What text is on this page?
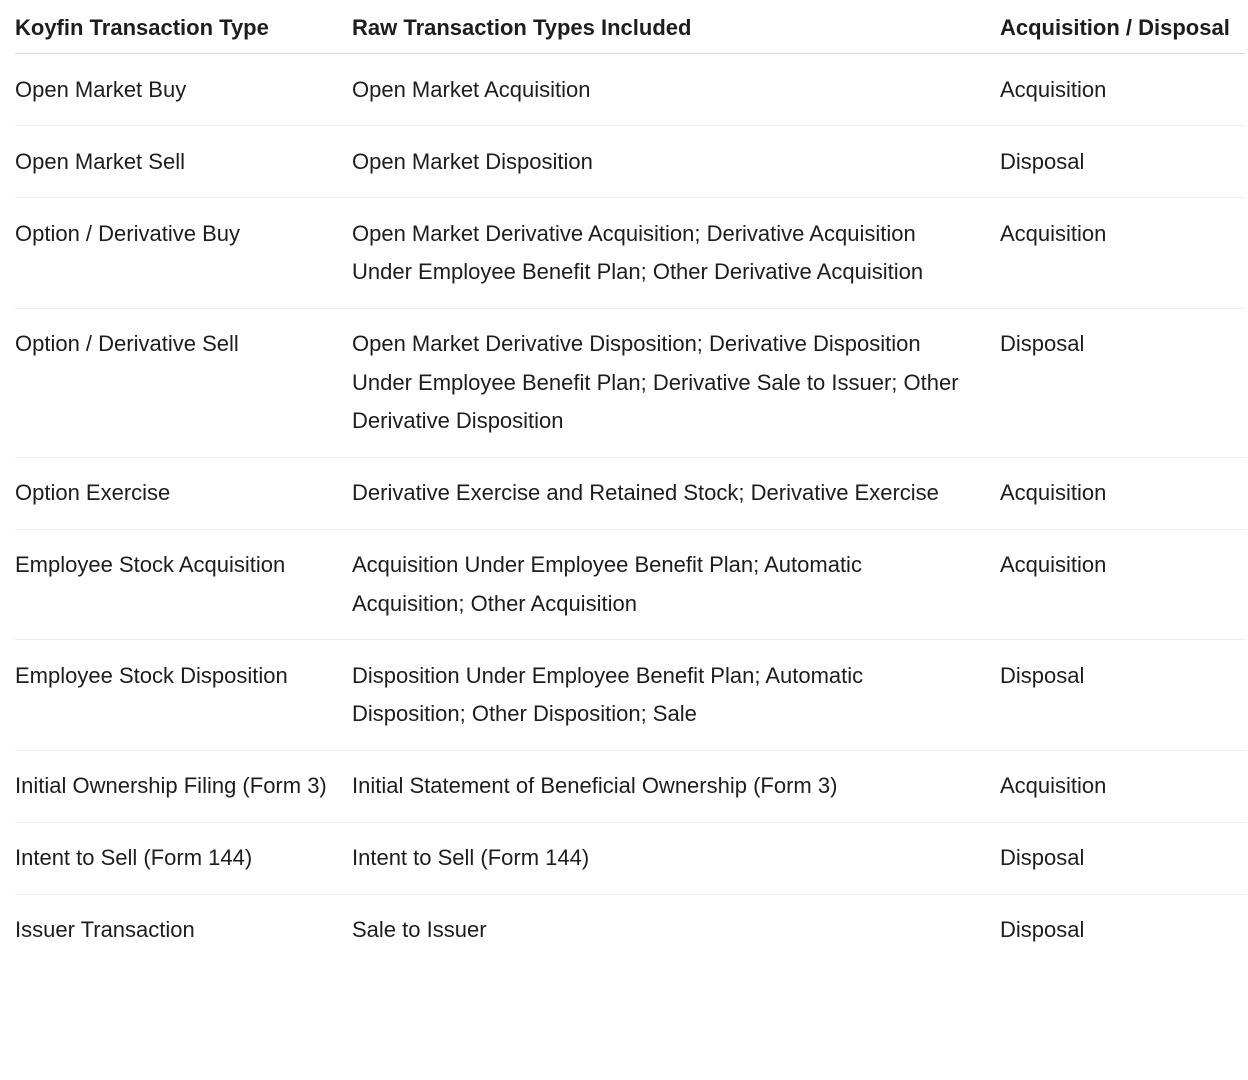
Koyfin Transaction Type	Raw Transaction Types Included	Acquisition / Disposal
Open Market Buy	Open Market Acquisition	Acquisition
Open Market Sell	Open Market Disposition	Disposal
Option / Derivative Buy	Open Market Derivative Acquisition; Derivative Acquisition Under Employee Benefit Plan; Other Derivative Acquisition	Acquisition
Option / Derivative Sell	Open Market Derivative Disposition; Derivative Disposition Under Employee Benefit Plan; Derivative Sale to Issuer; Other Derivative Disposition	Disposal
Option Exercise	Derivative Exercise and Retained Stock; Derivative Exercise	Acquisition
Employee Stock Acquisition	Acquisition Under Employee Benefit Plan; Automatic Acquisition; Other Acquisition	Acquisition
Employee Stock Disposition	Disposition Under Employee Benefit Plan; Automatic Disposition; Other Disposition; Sale	Disposal
Initial Ownership Filing (Form 3)	Initial Statement of Beneficial Ownership (Form 3)	Acquisition
Intent to Sell (Form 144)	Intent to Sell (Form 144)	Disposal
Issuer Transaction	Sale to Issuer	Disposal
